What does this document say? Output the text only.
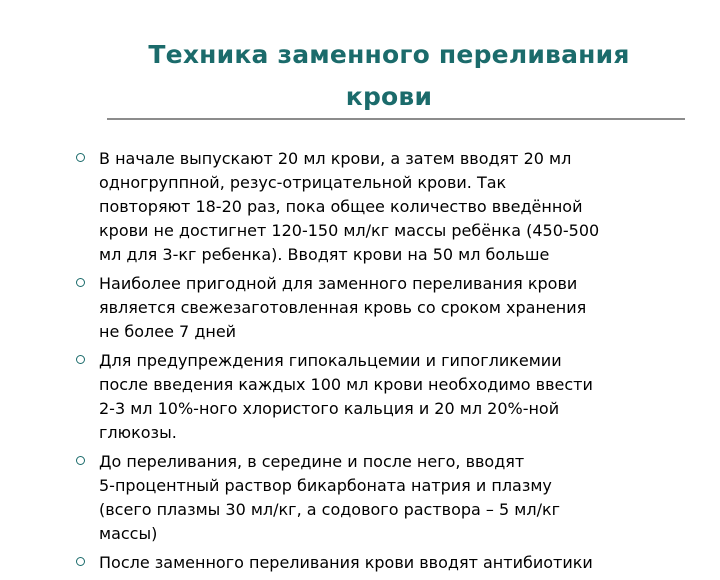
Техника заменного переливания
крови
В начале выпускают 20 мл крови, а затем вводят 20 мл
одногруппной, резус-отрицательной крови. Так
повторяют 18-20 раз, пока общее количество введённой
крови не достигнет 120-150 мл/кг массы ребёнка (450-500
мл для 3-кг ребенка). Вводят крови на 50 мл больше
Наиболее пригодной для заменного переливания крови
является свежезаготовленная кровь со сроком хранения
не более 7 дней
Для предупреждения гипокальцемии и гипогликемии
после введения каждых 100 мл крови необходимо ввести
2-3 мл 10%-ного хлористого кальция и 20 мл 20%-ной
глюкозы.
До переливания, в середине и после него, вводят
5-процентный раствор бикарбоната натрия и плазму
(всего плазмы 30 мл/кг, а содового раствора – 5 мл/кг
массы)
После заменного переливания крови вводят антибиотики
